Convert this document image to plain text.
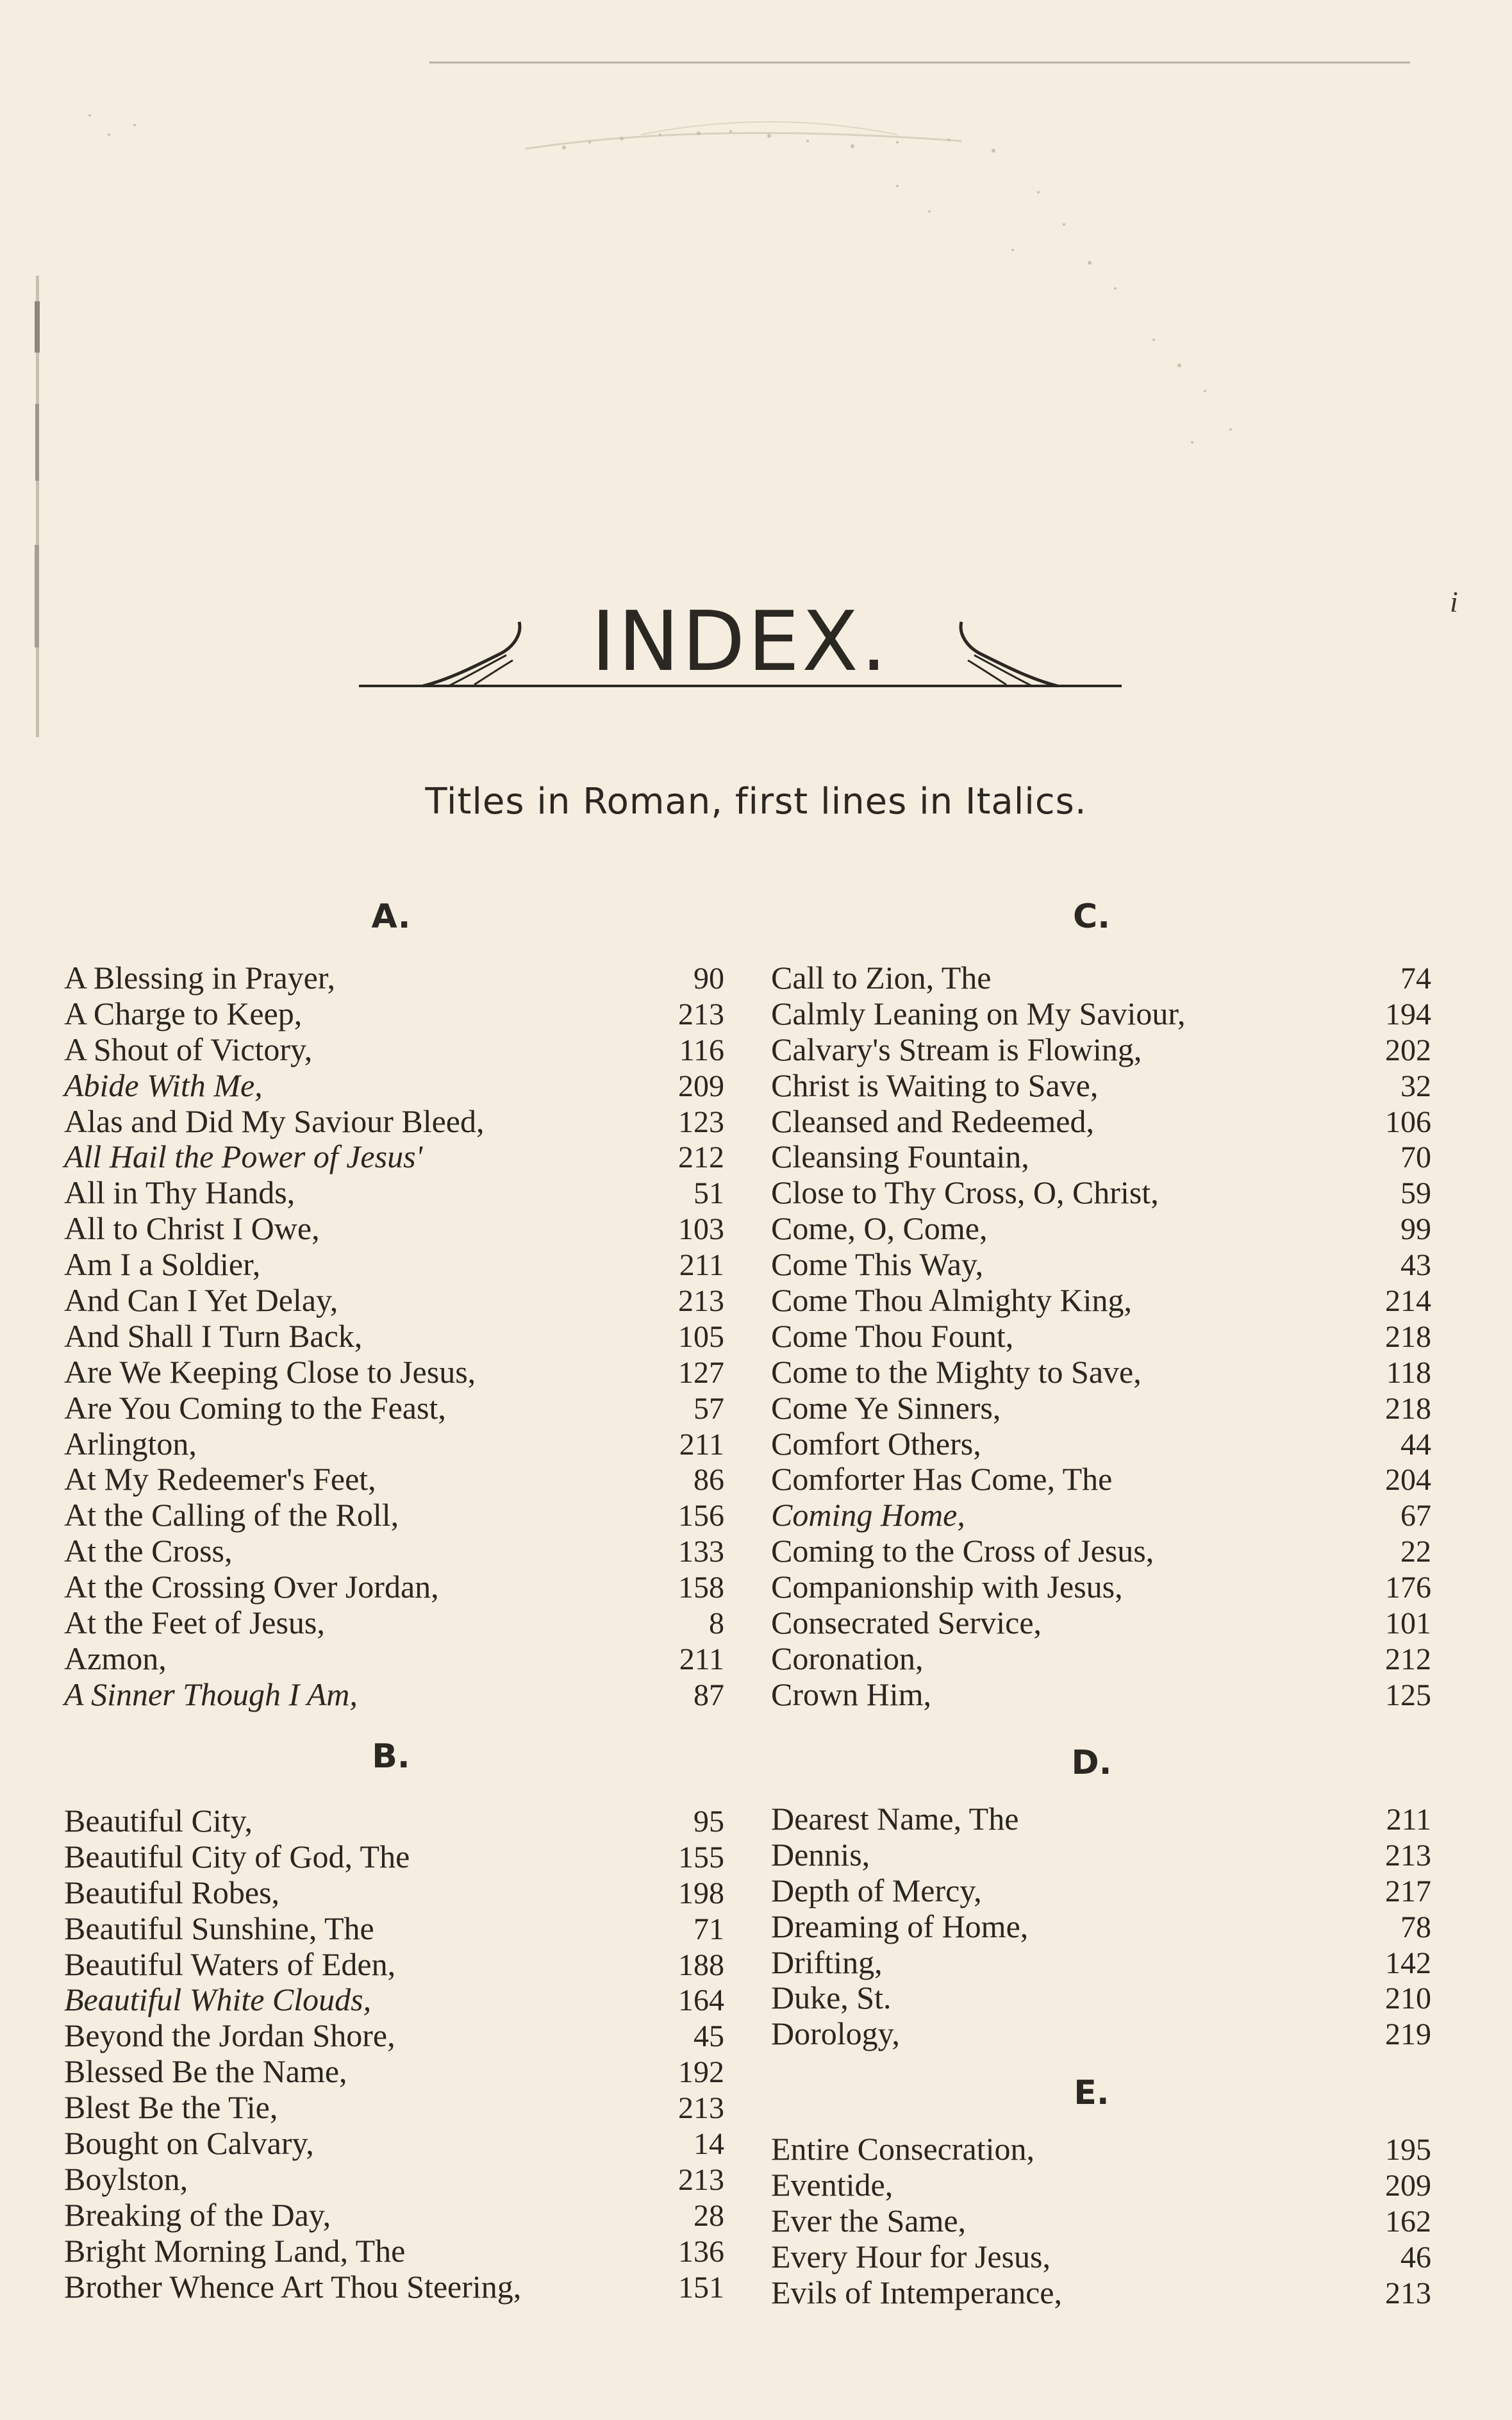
i
INDEX.
Titles in Roman, first lines in Italics.
A.
A Blessing in Prayer,	90
A Charge to Keep,	213
A Shout of Victory,	116
Abide With Me,	209
Alas and Did My Saviour Bleed,	123
All Hail the Power of Jesus'	212
All in Thy Hands,	51
All to Christ I Owe,	103
Am I a Soldier,	211
And Can I Yet Delay,	213
And Shall I Turn Back,	105
Are We Keeping Close to Jesus,	127
Are You Coming to the Feast,	57
Arlington,	211
At My Redeemer's Feet,	86
At the Calling of the Roll,	156
At the Cross,	133
At the Crossing Over Jordan,	158
At the Feet of Jesus,	8
Azmon,	211
A Sinner Though I Am,	87
B.
Beautiful City,	95
Beautiful City of God, The	155
Beautiful Robes,	198
Beautiful Sunshine, The	71
Beautiful Waters of Eden,	188
Beautiful White Clouds,	164
Beyond the Jordan Shore,	45
Blessed Be the Name,	192
Blest Be the Tie,	213
Bought on Calvary,	14
Boylston,	213
Breaking of the Day,	28
Bright Morning Land, The	136
Brother Whence Art Thou Steering,	151
C.
Call to Zion, The	74
Calmly Leaning on My Saviour,	194
Calvary's Stream is Flowing,	202
Christ is Waiting to Save,	32
Cleansed and Redeemed,	106
Cleansing Fountain,	70
Close to Thy Cross, O, Christ,	59
Come, O, Come,	99
Come This Way,	43
Come Thou Almighty King,	214
Come Thou Fount,	218
Come to the Mighty to Save,	118
Come Ye Sinners,	218
Comfort Others,	44
Comforter Has Come, The	204
Coming Home,	67
Coming to the Cross of Jesus,	22
Companionship with Jesus,	176
Consecrated Service,	101
Coronation,	212
Crown Him,	125
D.
Dearest Name, The	211
Dennis,	213
Depth of Mercy,	217
Dreaming of Home,	78
Drifting,	142
Duke, St.	210
Dorology,	219
E.
Entire Consecration,	195
Eventide,	209
Ever the Same,	162
Every Hour for Jesus,	46
Evils of Intemperance,	213
